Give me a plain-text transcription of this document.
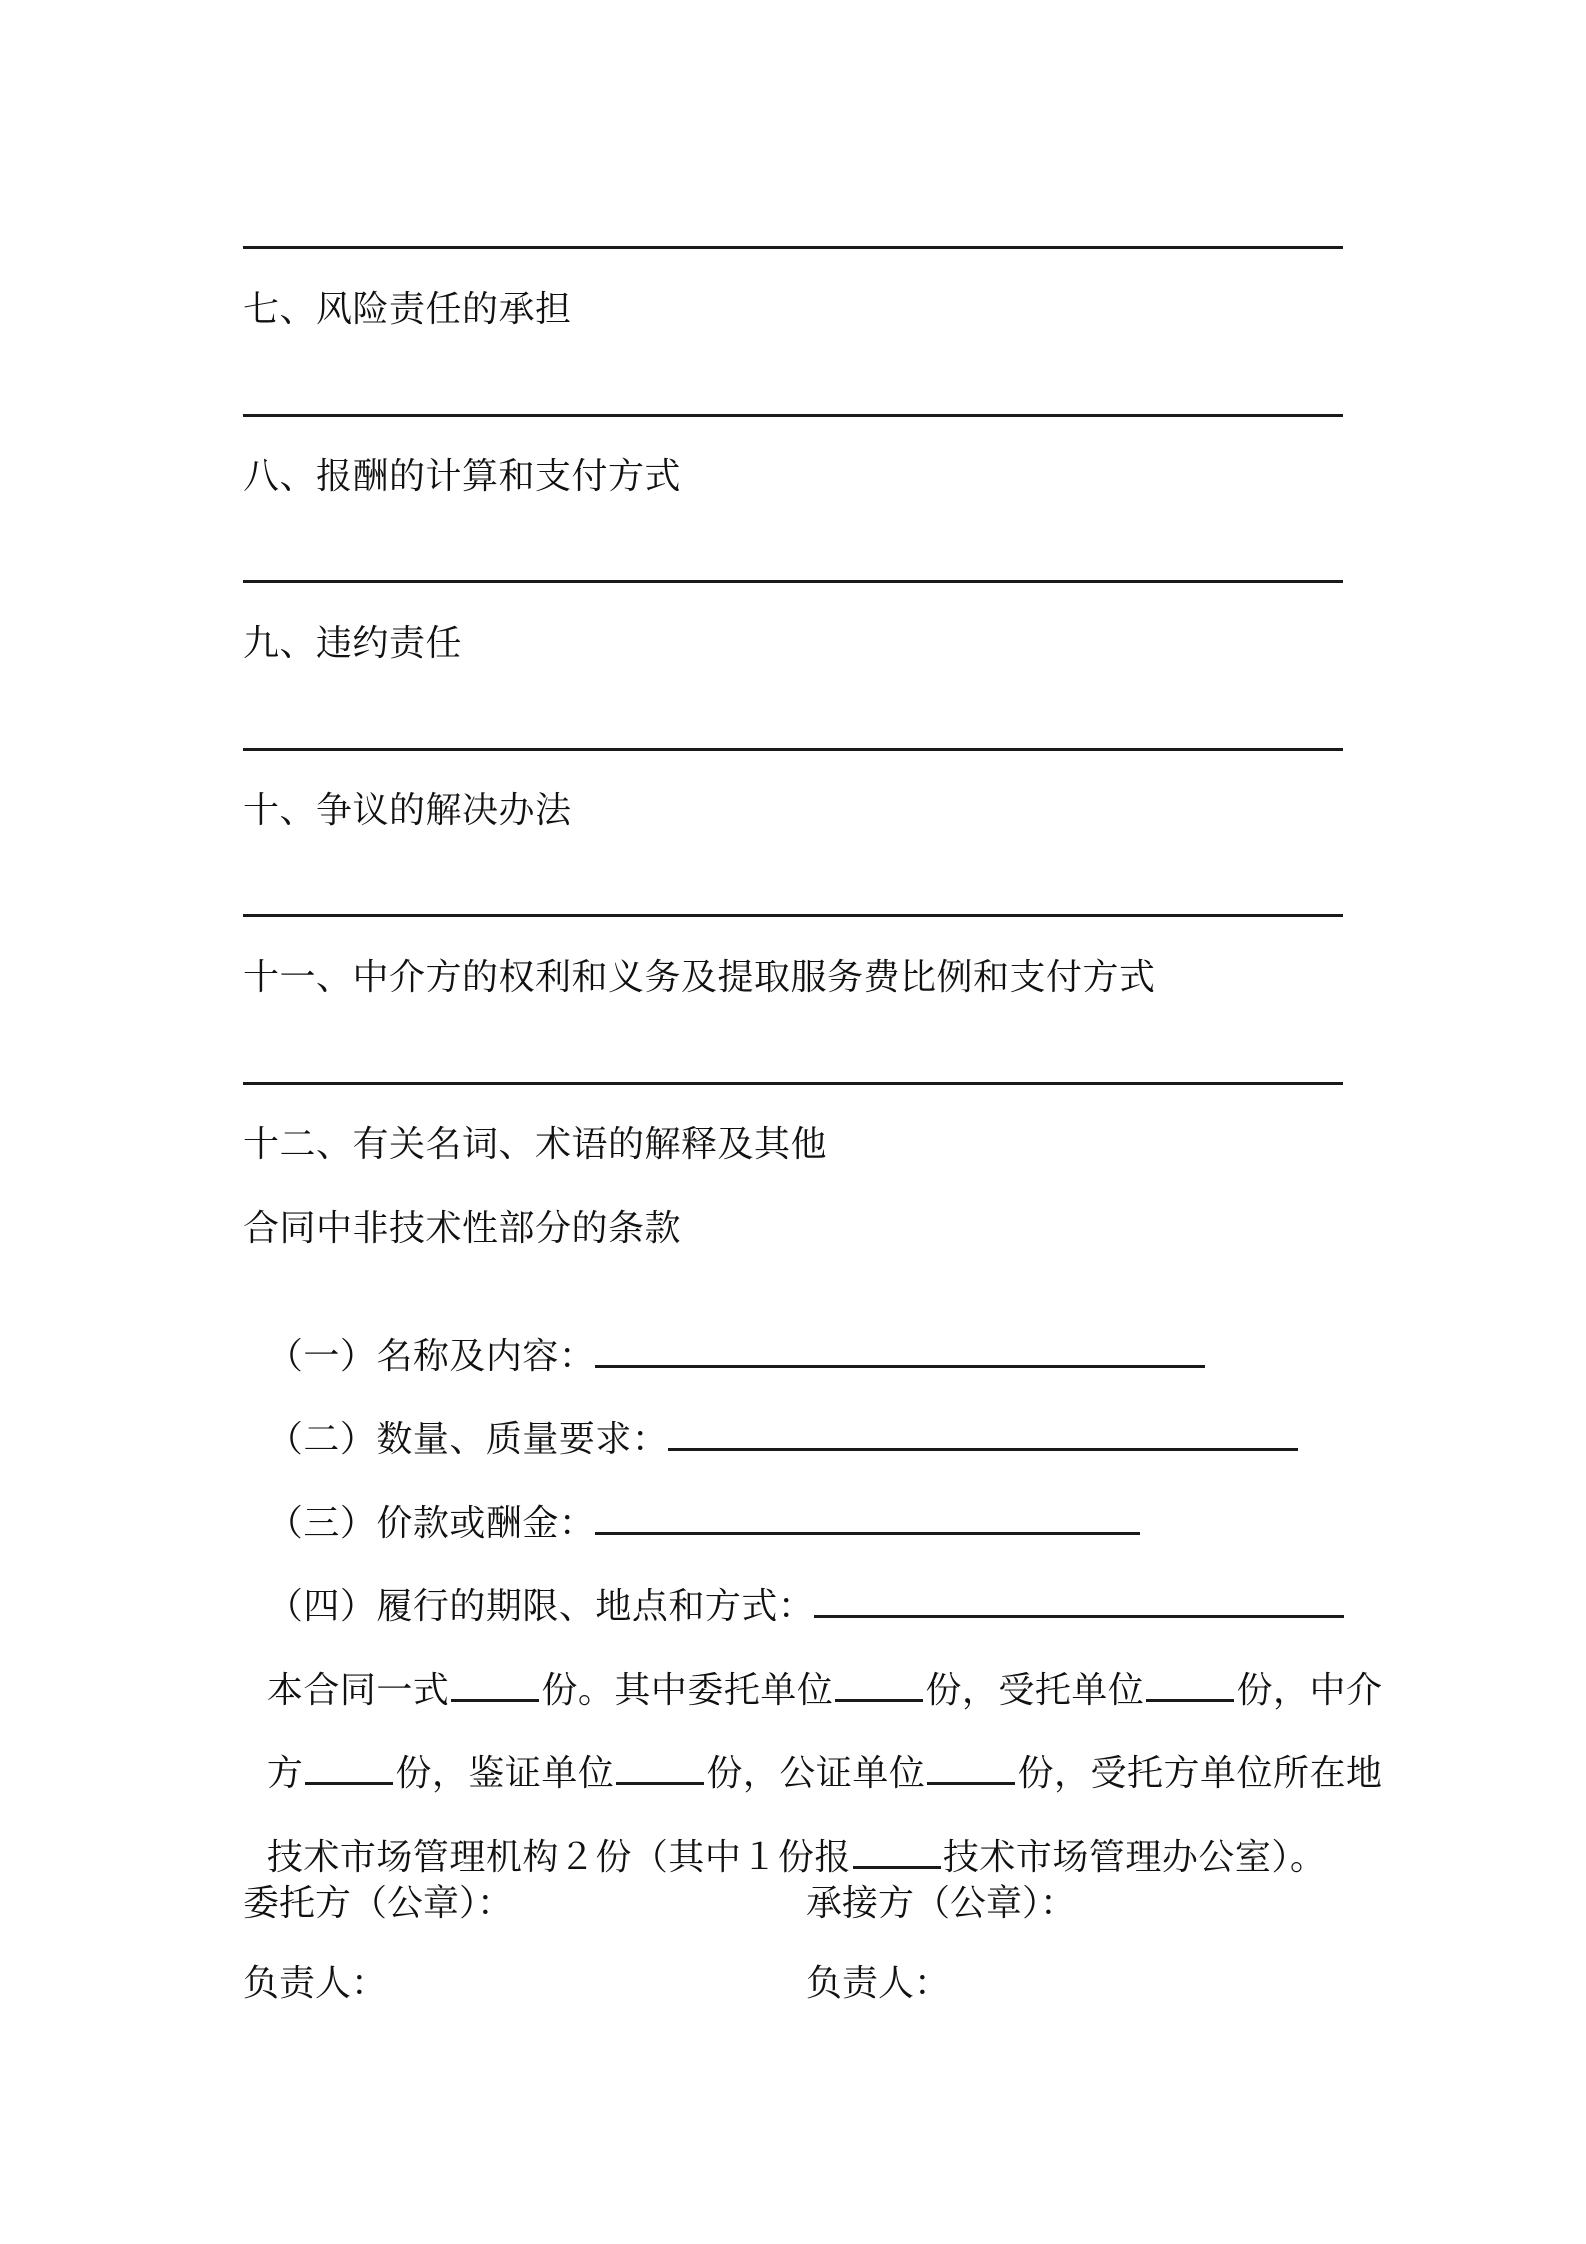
七、风险责任的承担
八、报酬的计算和支付方式
九、违约责任
十、争议的解决办法
十一、中介方的权利和义务及提取服务费比例和支付方式
十二、有关名词、术语的解释及其他
合同中非技术性部分的条款

（一）名称及内容：

（二）数量、质量要求：

（三）价款或酬金：

（四）履行的期限、地点和方式：

本合同一式	份。其中委托单位	份，受托单位	份，中介

方	份，鉴证单位	份，公证单位	份，受托方单位所在地

技术市场管理机构２份（其中１份报	技术市场管理办公室）。

委托方（公章）：	承接方（公章）：
负责人：	负责人：
